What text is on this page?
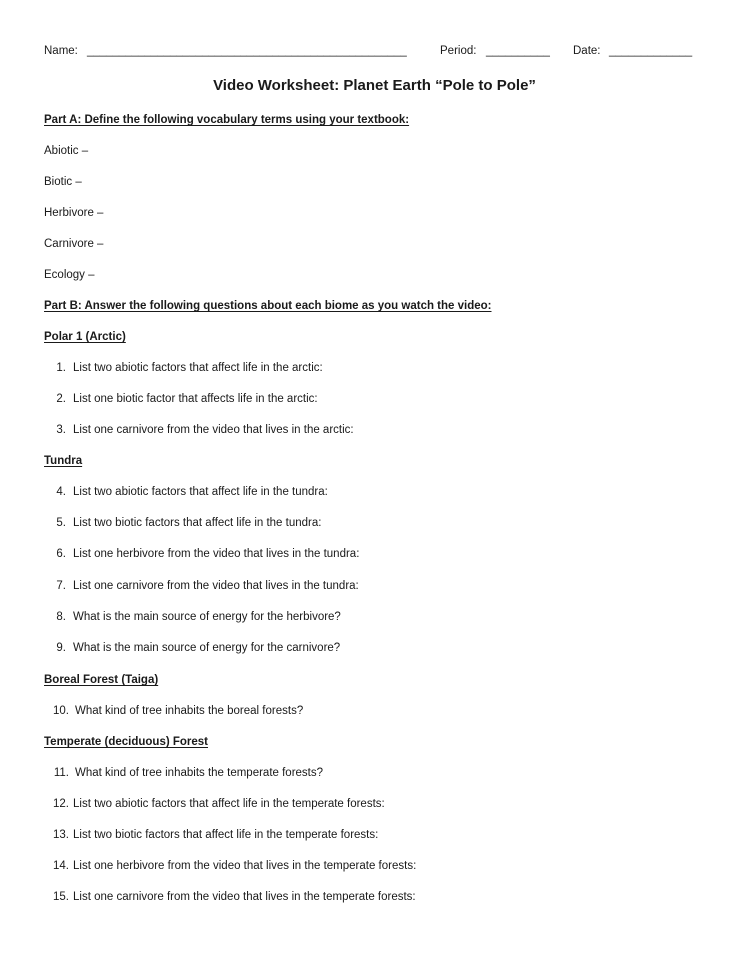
Name: __________________________________________________	Period: __________ Date: _____________
Video Worksheet: Planet Earth “Pole to Pole”
Part A: Define the following vocabulary terms using your textbook:
Abiotic –
Biotic –
Herbivore –
Carnivore –
Ecology –
Part B: Answer the following questions about each biome as you watch the video:
Polar 1 (Arctic)
1. List two abiotic factors that affect life in the arctic:
2. List one biotic factor that affects life in the arctic:
3. List one carnivore from the video that lives in the arctic:
Tundra
4. List two abiotic factors that affect life in the tundra:
5. List two biotic factors that affect life in the tundra:
6. List one herbivore from the video that lives in the tundra:
7. List one carnivore from the video that lives in the tundra:
8. What is the main source of energy for the herbivore?
9. What is the main source of energy for the carnivore?
Boreal Forest (Taiga)
10. What kind of tree inhabits the boreal forests?
Temperate (deciduous) Forest
11. What kind of tree inhabits the temperate forests?
12. List two abiotic factors that affect life in the temperate forests:
13. List two biotic factors that affect life in the temperate forests:
14. List one herbivore from the video that lives in the temperate forests:
15. List one carnivore from the video that lives in the temperate forests:
